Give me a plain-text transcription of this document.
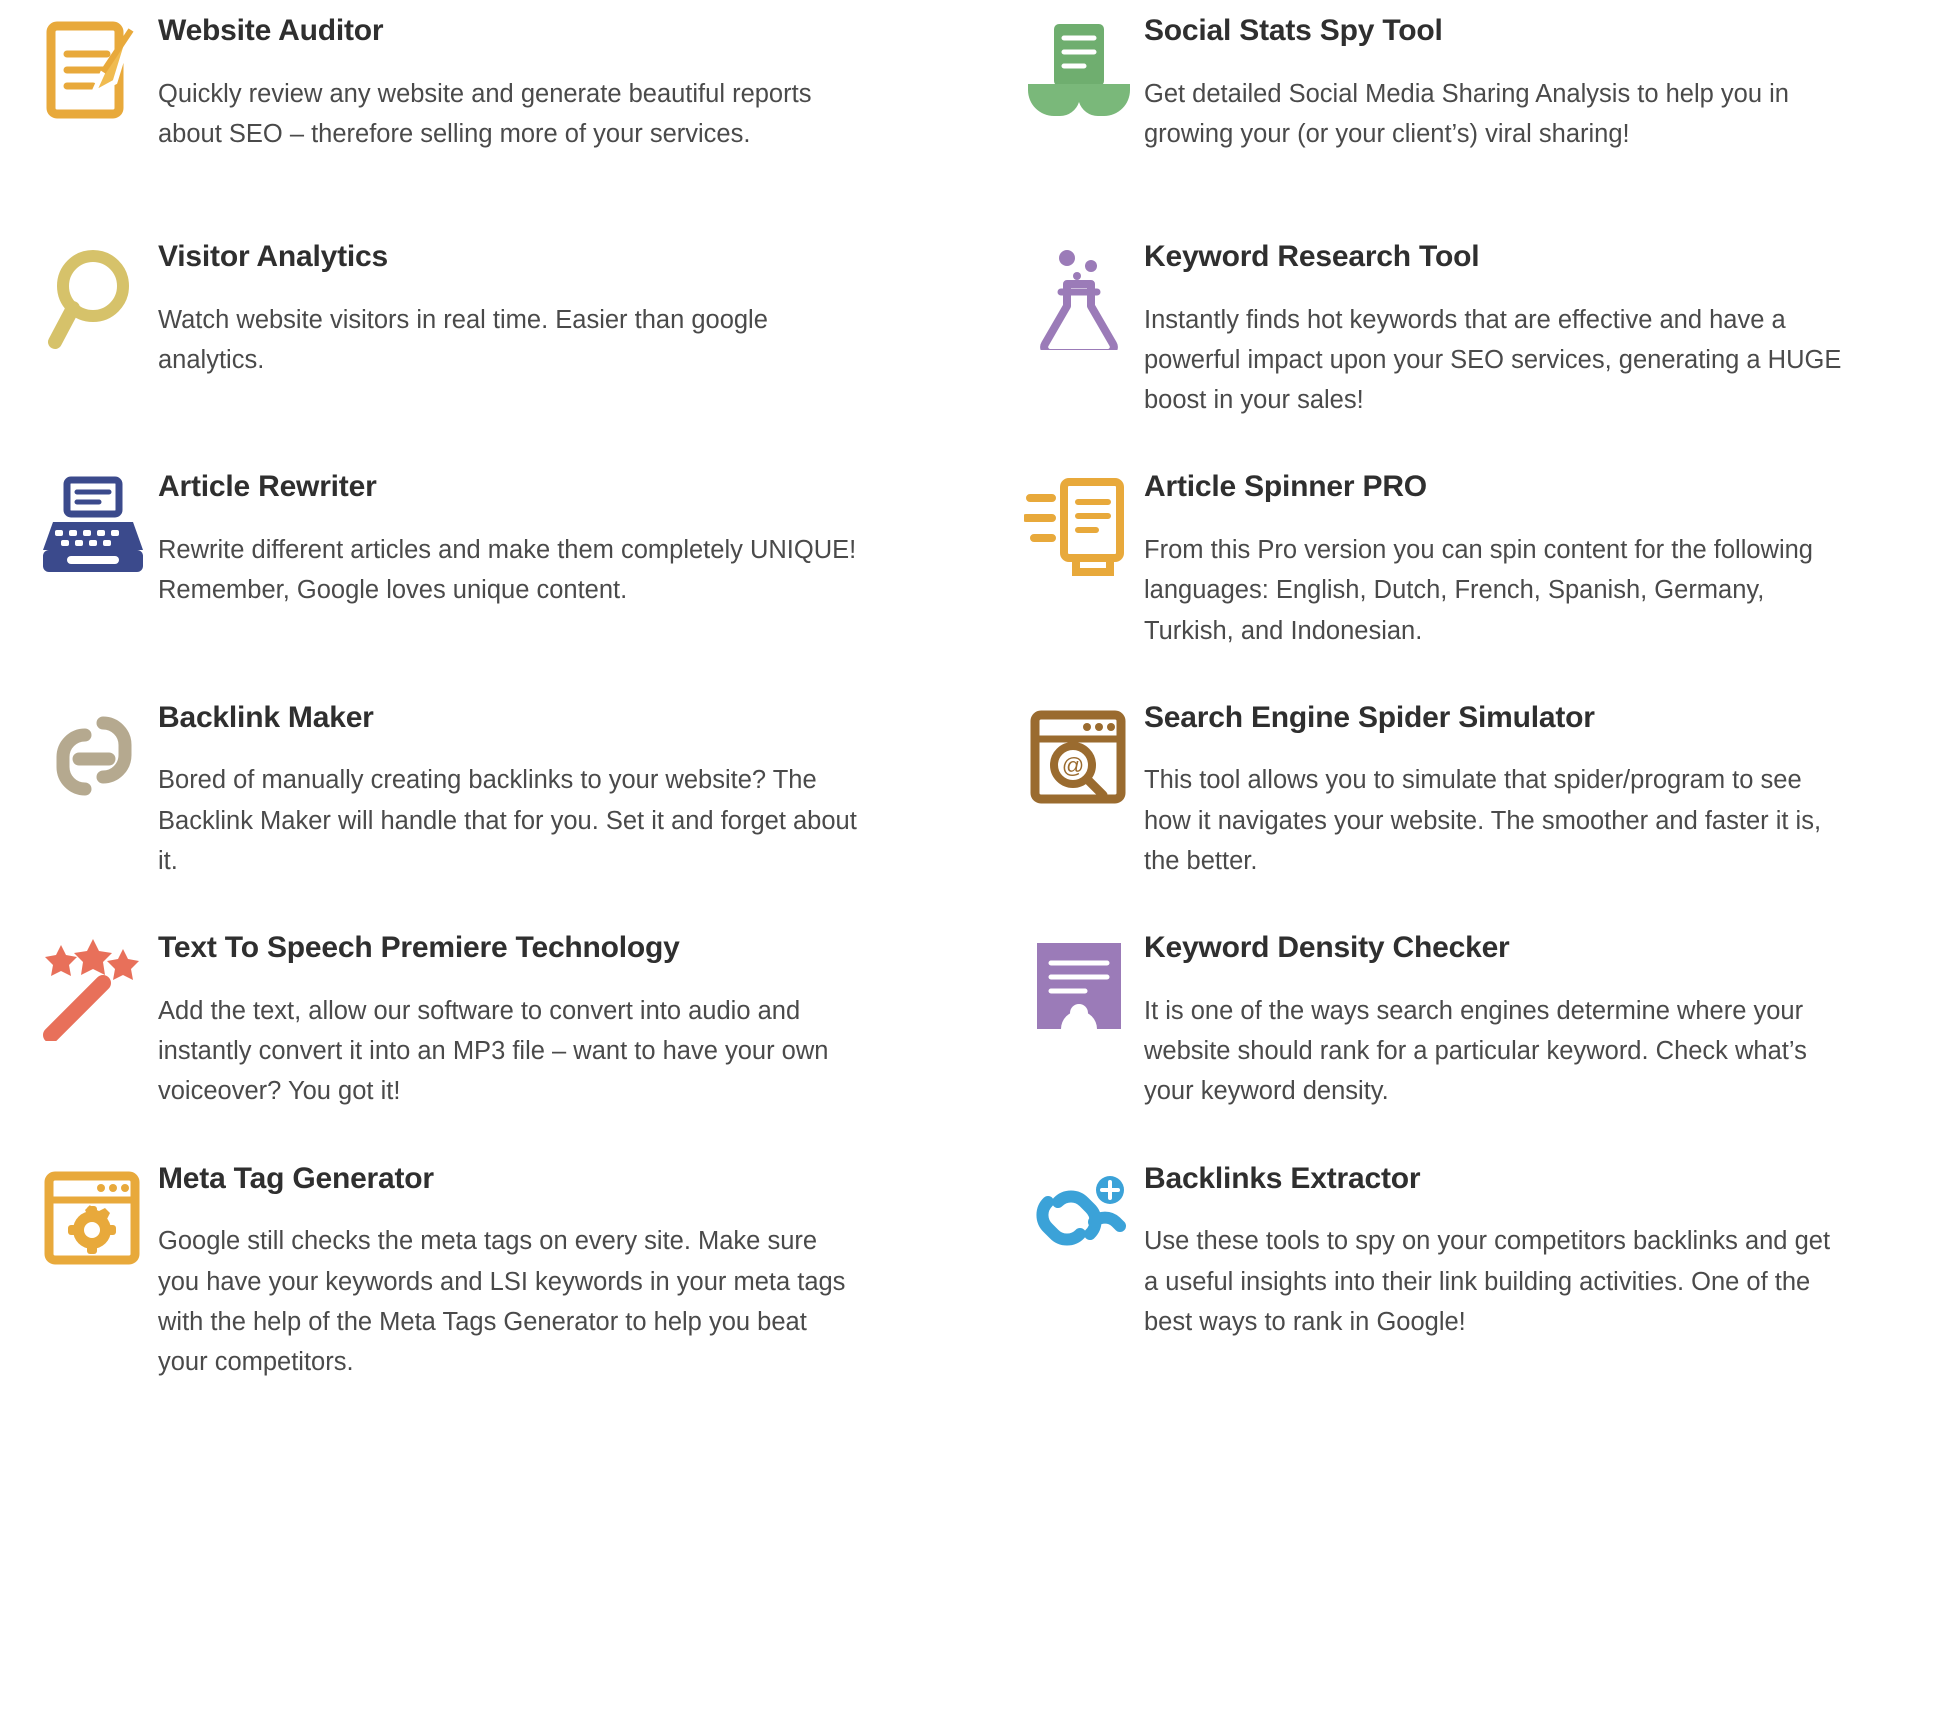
Website Auditor

Quickly review any website and generate beautiful reports about SEO – therefore selling more of your services.

Social Stats Spy Tool

Get detailed Social Media Sharing Analysis to help you in growing your (or your client’s) viral sharing!

Visitor Analytics

Watch website visitors in real time. Easier than google analytics.

Keyword Research Tool

Instantly finds hot keywords that are effective and have a powerful impact upon your SEO services, generating a HUGE boost in your sales!

Article Rewriter

Rewrite different articles and make them completely UNIQUE! Remember, Google loves unique content.

Article Spinner PRO

From this Pro version you can spin content for the following languages: English, Dutch, French, Spanish, Germany, Turkish, and Indonesian.

Backlink Maker

Bored of manually creating backlinks to your website? The Backlink Maker will handle that for you. Set it and forget about it.

@
Search Engine Spider Simulator

This tool allows you to simulate that spider/program to see how it navigates your website. The smoother and faster it is, the better.

Text To Speech Premiere Technology

Add the text, allow our software to convert into audio and instantly convert it into an MP3 file – want to have your own voiceover? You got it!

Keyword Density Checker

It is one of the ways search engines determine where your website should rank for a particular keyword. Check what’s your keyword density.

Meta Tag Generator

Google still checks the meta tags on every site. Make sure you have your keywords and LSI keywords in your meta tags with the help of the Meta Tags Generator to help you beat your competitors.

Backlinks Extractor

Use these tools to spy on your competitors backlinks and get a useful insights into their link building activities. One of the best ways to rank in Google!
